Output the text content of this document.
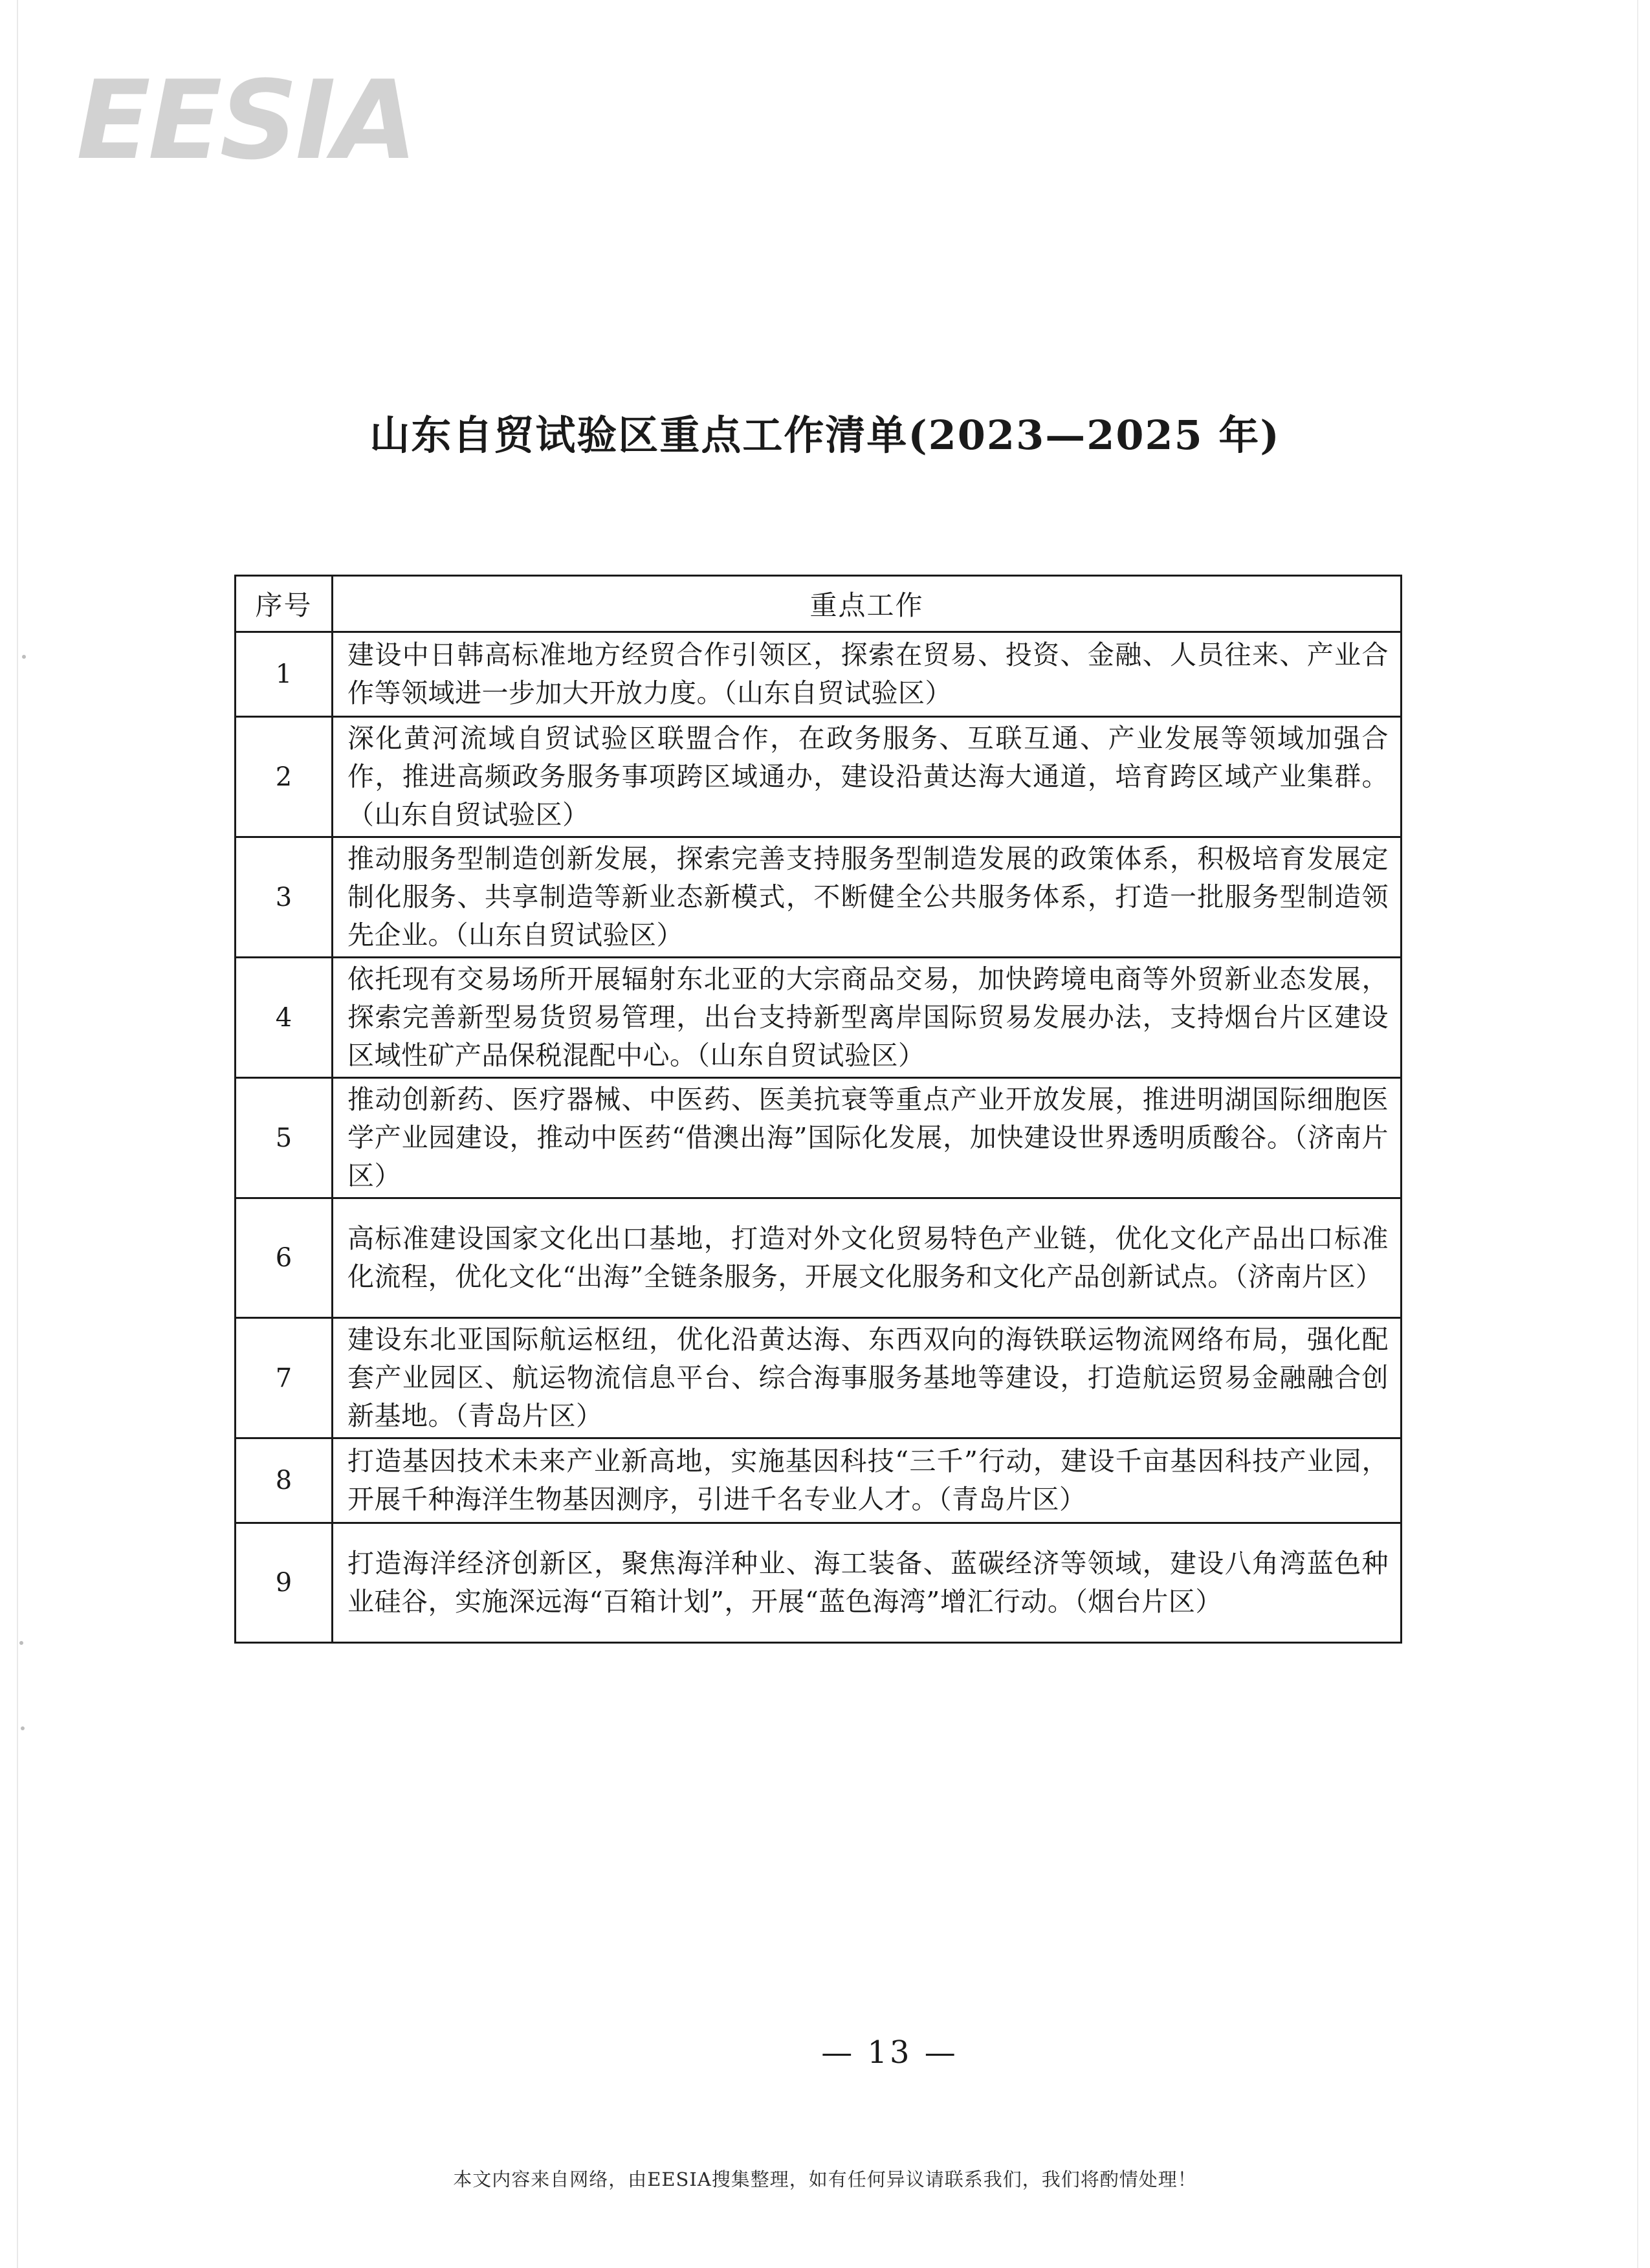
EESIA
山东自贸试验区重点工作清单(2023—2025 年)
序号	重点工作
1	建设中日韩高标准地方经贸合作引领区，探索在贸易、投资、金融、人员往来、产业合作等领域进一步加大开放力度。（山东自贸试验区）
2	深化黄河流域自贸试验区联盟合作，在政务服务、互联互通、产业发展等领域加强合作，推进高频政务服务事项跨区域通办，建设沿黄达海大通道，培育跨区域产业集群。（山东自贸试验区）
3	推动服务型制造创新发展，探索完善支持服务型制造发展的政策体系，积极培育发展定制化服务、共享制造等新业态新模式，不断健全公共服务体系，打造一批服务型制造领先企业。（山东自贸试验区）
4	依托现有交易场所开展辐射东北亚的大宗商品交易，加快跨境电商等外贸新业态发展，探索完善新型易货贸易管理，出台支持新型离岸国际贸易发展办法，支持烟台片区建设区域性矿产品保税混配中心。（山东自贸试验区）
5	推动创新药、医疗器械、中医药、医美抗衰等重点产业开放发展，推进明湖国际细胞医学产业园建设，推动中医药“借澳出海”国际化发展，加快建设世界透明质酸谷。（济南片区）
6	高标准建设国家文化出口基地，打造对外文化贸易特色产业链，优化文化产品出口标准化流程，优化文化“出海”全链条服务，开展文化服务和文化产品创新试点。（济南片区）
7	建设东北亚国际航运枢纽，优化沿黄达海、东西双向的海铁联运物流网络布局，强化配套产业园区、航运物流信息平台、综合海事服务基地等建设，打造航运贸易金融融合创新基地。（青岛片区）
8	打造基因技术未来产业新高地，实施基因科技“三千”行动，建设千亩基因科技产业园，开展千种海洋生物基因测序，引进千名专业人才。（青岛片区）
9	打造海洋经济创新区，聚焦海洋种业、海工装备、蓝碳经济等领域，建设八角湾蓝色种业硅谷，实施深远海“百箱计划”，开展“蓝色海湾”增汇行动。（烟台片区）
— 13 —
本文内容来自网络，由EESIA搜集整理，如有任何异议请联系我们，我们将酌情处理！
